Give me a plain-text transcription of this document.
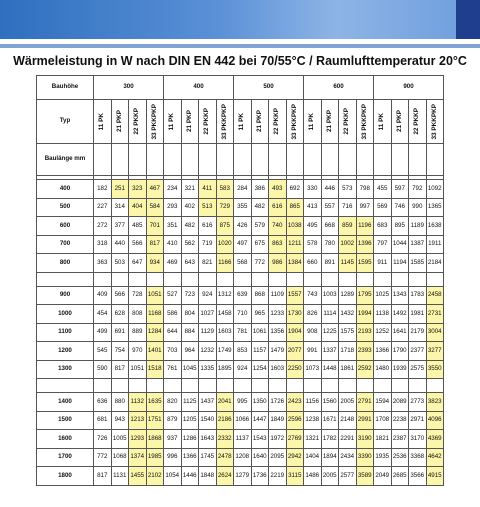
Wärmeleistung in W nach DIN EN 442 bei 70/55°C / Raumlufttemperatur 20°C
Bauhöhe	300				400				500				600				900			
Typ	11 PK	21 PKP	22 PKKP	33 PKKPKP	11 PK	21 PKP	22 PKKP	33 PKKPKP	11 PK	21 PKP	22 PKKP	33 PKKPKP	11 PK	21 PKP	22 PKKP	33 PKKPKP	11 PK	21 PKP	22 PKKP	33 PKKPKP

Baulänge mm																				

400	182	251	323	467	234	321	411	583	284	386	493	692	330	446	573	798	455	597	792	1092
500	227	314	404	584	293	402	513	729	355	482	616	865	413	557	716	997	569	746	990	1365
600	272	377	485	701	351	482	616	875	426	579	740	1038	495	668	859	1196	683	895	1189	1638
700	318	440	566	817	410	562	719	1020	497	675	863	1211	578	780	1002	1396	797	1044	1387	1911
800	363	503	647	934	469	643	821	1166	568	772	986	1384	660	891	1145	1595	911	1194	1585	2184

900	409	566	728	1051	527	723	924	1312	639	868	1109	1557	743	1003	1289	1795	1025	1343	1783	2458
1000	454	628	808	1168	586	804	1027	1458	710	965	1233	1730	826	1114	1432	1994	1138	1492	1981	2731
1100	499	691	889	1284	644	884	1129	1603	781	1061	1356	1904	908	1225	1575	2193	1252	1641	2179	3004
1200	545	754	970	1401	703	964	1232	1749	853	1157	1479	2077	991	1337	1718	2393	1366	1790	2377	3277
1300	590	817	1051	1518	761	1045	1335	1895	924	1254	1603	2250	1073	1448	1861	2592	1480	1939	2575	3550

1400	636	880	1132	1635	820	1125	1437	2041	995	1350	1726	2423	1156	1560	2005	2791	1594	2089	2773	3823
1500	681	943	1213	1751	879	1205	1540	2186	1066	1447	1849	2596	1238	1671	2148	2991	1708	2238	2971	4096
1600	726	1005	1293	1868	937	1286	1643	2332	1137	1543	1972	2769	1321	1782	2291	3190	1821	2387	3170	4369
1700	772	1068	1374	1985	996	1366	1745	2478	1208	1640	2095	2942	1404	1894	2434	3390	1935	2536	3368	4642
1800	817	1131	1455	2102	1054	1446	1848	2624	1279	1736	2219	3115	1486	2005	2577	3589	2049	2685	3566	4915
